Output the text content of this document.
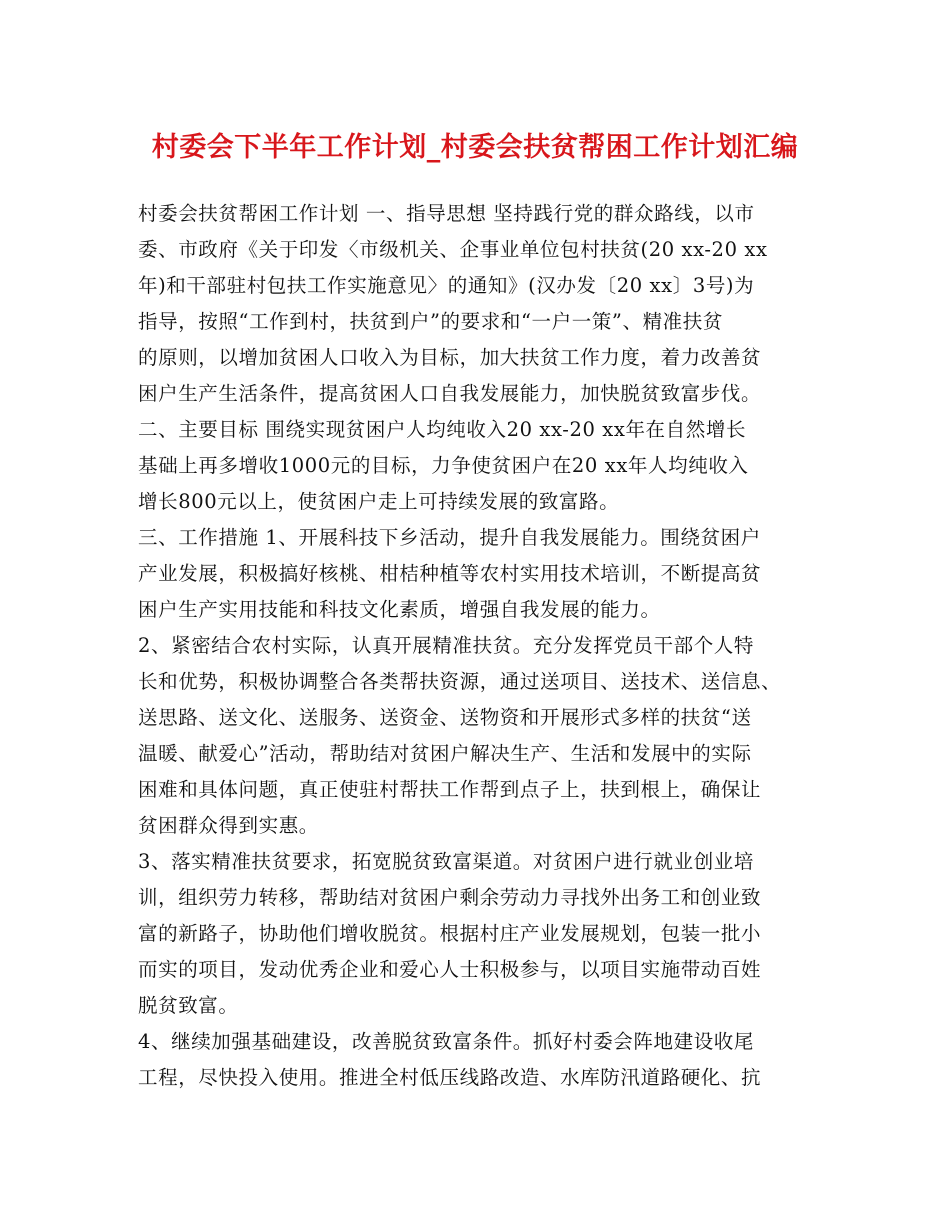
村委会下半年工作计划_村委会扶贫帮困工作计划汇编
村委会扶贫帮困工作计划 一、指导思想 坚持践行党的群众路线，以市
委、市政府《关于印发〈市级机关、企事业单位包村扶贫(20 xx-20 xx
年)和干部驻村包扶工作实施意见〉的通知》(汉办发〔20 xx〕3号)为
指导，按照“工作到村，扶贫到户”的要求和“一户一策”、精准扶贫
的原则，以增加贫困人口收入为目标，加大扶贫工作力度，着力改善贫
困户生产生活条件，提高贫困人口自我发展能力，加快脱贫致富步伐。
二、主要目标 围绕实现贫困户人均纯收入20 xx-20 xx年在自然增长
基础上再多增收1000元的目标，力争使贫困户在20 xx年人均纯收入
增长800元以上，使贫困户走上可持续发展的致富路。
三、工作措施 1、开展科技下乡活动，提升自我发展能力。围绕贫困户
产业发展，积极搞好核桃、柑桔种植等农村实用技术培训，不断提高贫
困户生产实用技能和科技文化素质，增强自我发展的能力。
2、紧密结合农村实际，认真开展精准扶贫。充分发挥党员干部个人特
长和优势，积极协调整合各类帮扶资源，通过送项目、送技术、送信息、
送思路、送文化、送服务、送资金、送物资和开展形式多样的扶贫“送
温暖、献爱心”活动，帮助结对贫困户解决生产、生活和发展中的实际
困难和具体问题，真正使驻村帮扶工作帮到点子上，扶到根上，确保让
贫困群众得到实惠。
3、落实精准扶贫要求，拓宽脱贫致富渠道。对贫困户进行就业创业培
训，组织劳力转移，帮助结对贫困户剩余劳动力寻找外出务工和创业致
富的新路子，协助他们增收脱贫。根据村庄产业发展规划，包装一批小
而实的项目，发动优秀企业和爱心人士积极参与，以项目实施带动百姓
脱贫致富。
4、继续加强基础建设，改善脱贫致富条件。抓好村委会阵地建设收尾
工程，尽快投入使用。推进全村低压线路改造、水库防汛道路硬化、抗
